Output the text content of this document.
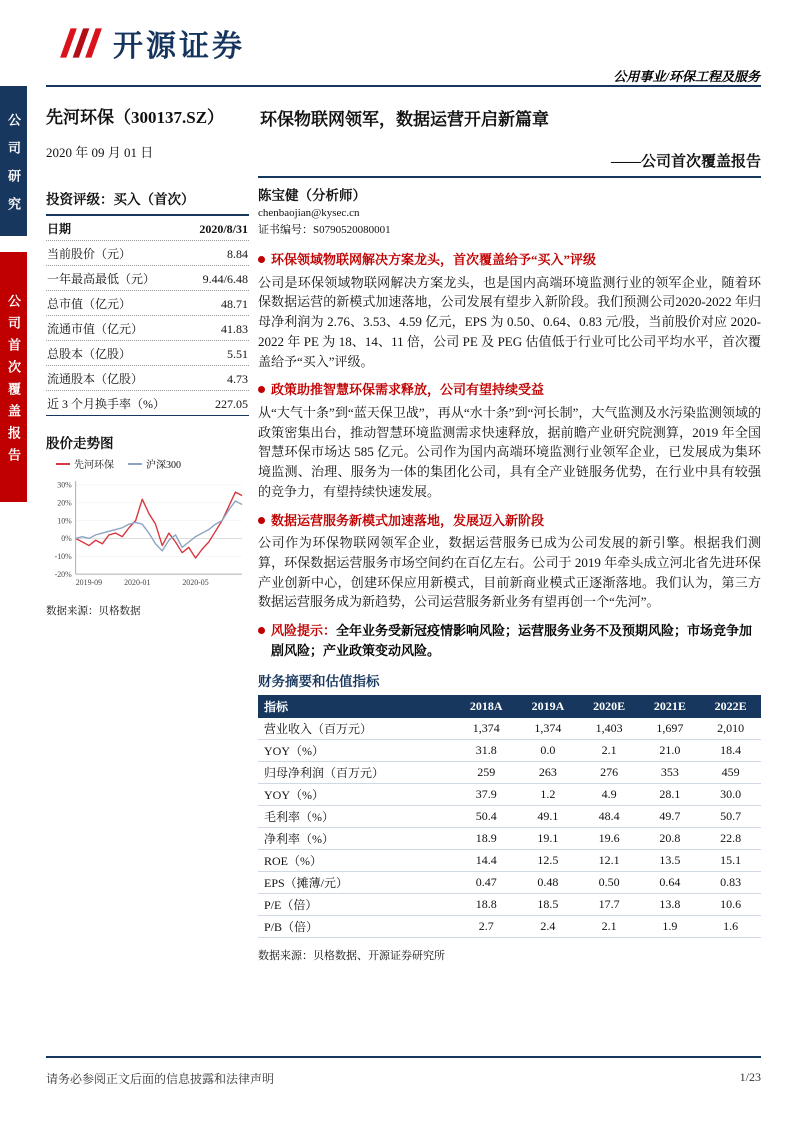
公司研究
公司首次覆盖报告
开源证券
公用事业/环保工程及服务
先河环保（300137.SZ）
2020 年 09 月 01 日
环保物联网领军，数据运营开启新篇章
——公司首次覆盖报告
投资评级：买入（首次）
日期	2020/8/31
当前股价（元）	8.84
一年最高最低（元）	9.44/6.48
总市值（亿元）	48.71
流通市值（亿元）	41.83
总股本（亿股）	5.51
流通股本（亿股）	4.73
近 3 个月换手率（%）	227.05
股价走势图
先河环保	沪深300
30%
20%
10%
0%
-10%
-20%
2019-09	2020-01	2020-05
数据来源：贝格数据
陈宝健（分析师）
chenbaojian@kysec.cn
证书编号：S0790520080001
环保领域物联网解决方案龙头，首次覆盖给予“买入”评级
公司是环保领域物联网解决方案龙头，也是国内高端环境监测行业的领军企业，随着环保数据运营的新模式加速落地，公司发展有望步入新阶段。我们预测公司2020-2022 年归母净利润为 2.76、3.53、4.59 亿元，EPS 为 0.50、0.64、0.83 元/股，当前股价对应 2020-2022 年 PE 为 18、14、11 倍，公司 PE 及 PEG 估值低于行业可比公司平均水平，首次覆盖给予“买入”评级。
政策助推智慧环保需求释放，公司有望持续受益
从“大气十条”到“蓝天保卫战”，再从“水十条”到“河长制”，大气监测及水污染监测领域的政策密集出台，推动智慧环境监测需求快速释放，据前瞻产业研究院测算，2019 年全国智慧环保市场达 585 亿元。公司作为国内高端环境监测行业领军企业，已发展成为集环境监测、治理、服务为一体的集团化公司，具有全产业链服务优势，在行业中具有较强的竞争力，有望持续快速发展。
数据运营服务新模式加速落地，发展迈入新阶段
公司作为环保物联网领军企业，数据运营服务已成为公司发展的新引擎。根据我们测算，环保数据运营服务市场空间约在百亿左右。公司于 2019 年牵头成立河北省先进环保产业创新中心，创建环保应用新模式，目前新商业模式正逐渐落地。我们认为，第三方数据运营服务成为新趋势，公司运营服务新业务有望再创一个“先河”。
风险提示：全年业务受新冠疫情影响风险；运营服务业务不及预期风险；市场竞争加剧风险；产业政策变动风险。
财务摘要和估值指标
指标	2018A	2019A	2020E	2021E	2022E
营业收入（百万元）	1,374	1,374	1,403	1,697	2,010
YOY（%）	31.8	0.0	2.1	21.0	18.4
归母净利润（百万元）	259	263	276	353	459
YOY（%）	37.9	1.2	4.9	28.1	30.0
毛利率（%）	50.4	49.1	48.4	49.7	50.7
净利率（%）	18.9	19.1	19.6	20.8	22.8
ROE（%）	14.4	12.5	12.1	13.5	15.1
EPS（摊薄/元）	0.47	0.48	0.50	0.64	0.83
P/E（倍）	18.8	18.5	17.7	13.8	10.6
P/B（倍）	2.7	2.4	2.1	1.9	1.6
数据来源：贝格数据、开源证券研究所
请务必参阅正文后面的信息披露和法律声明	1/23
